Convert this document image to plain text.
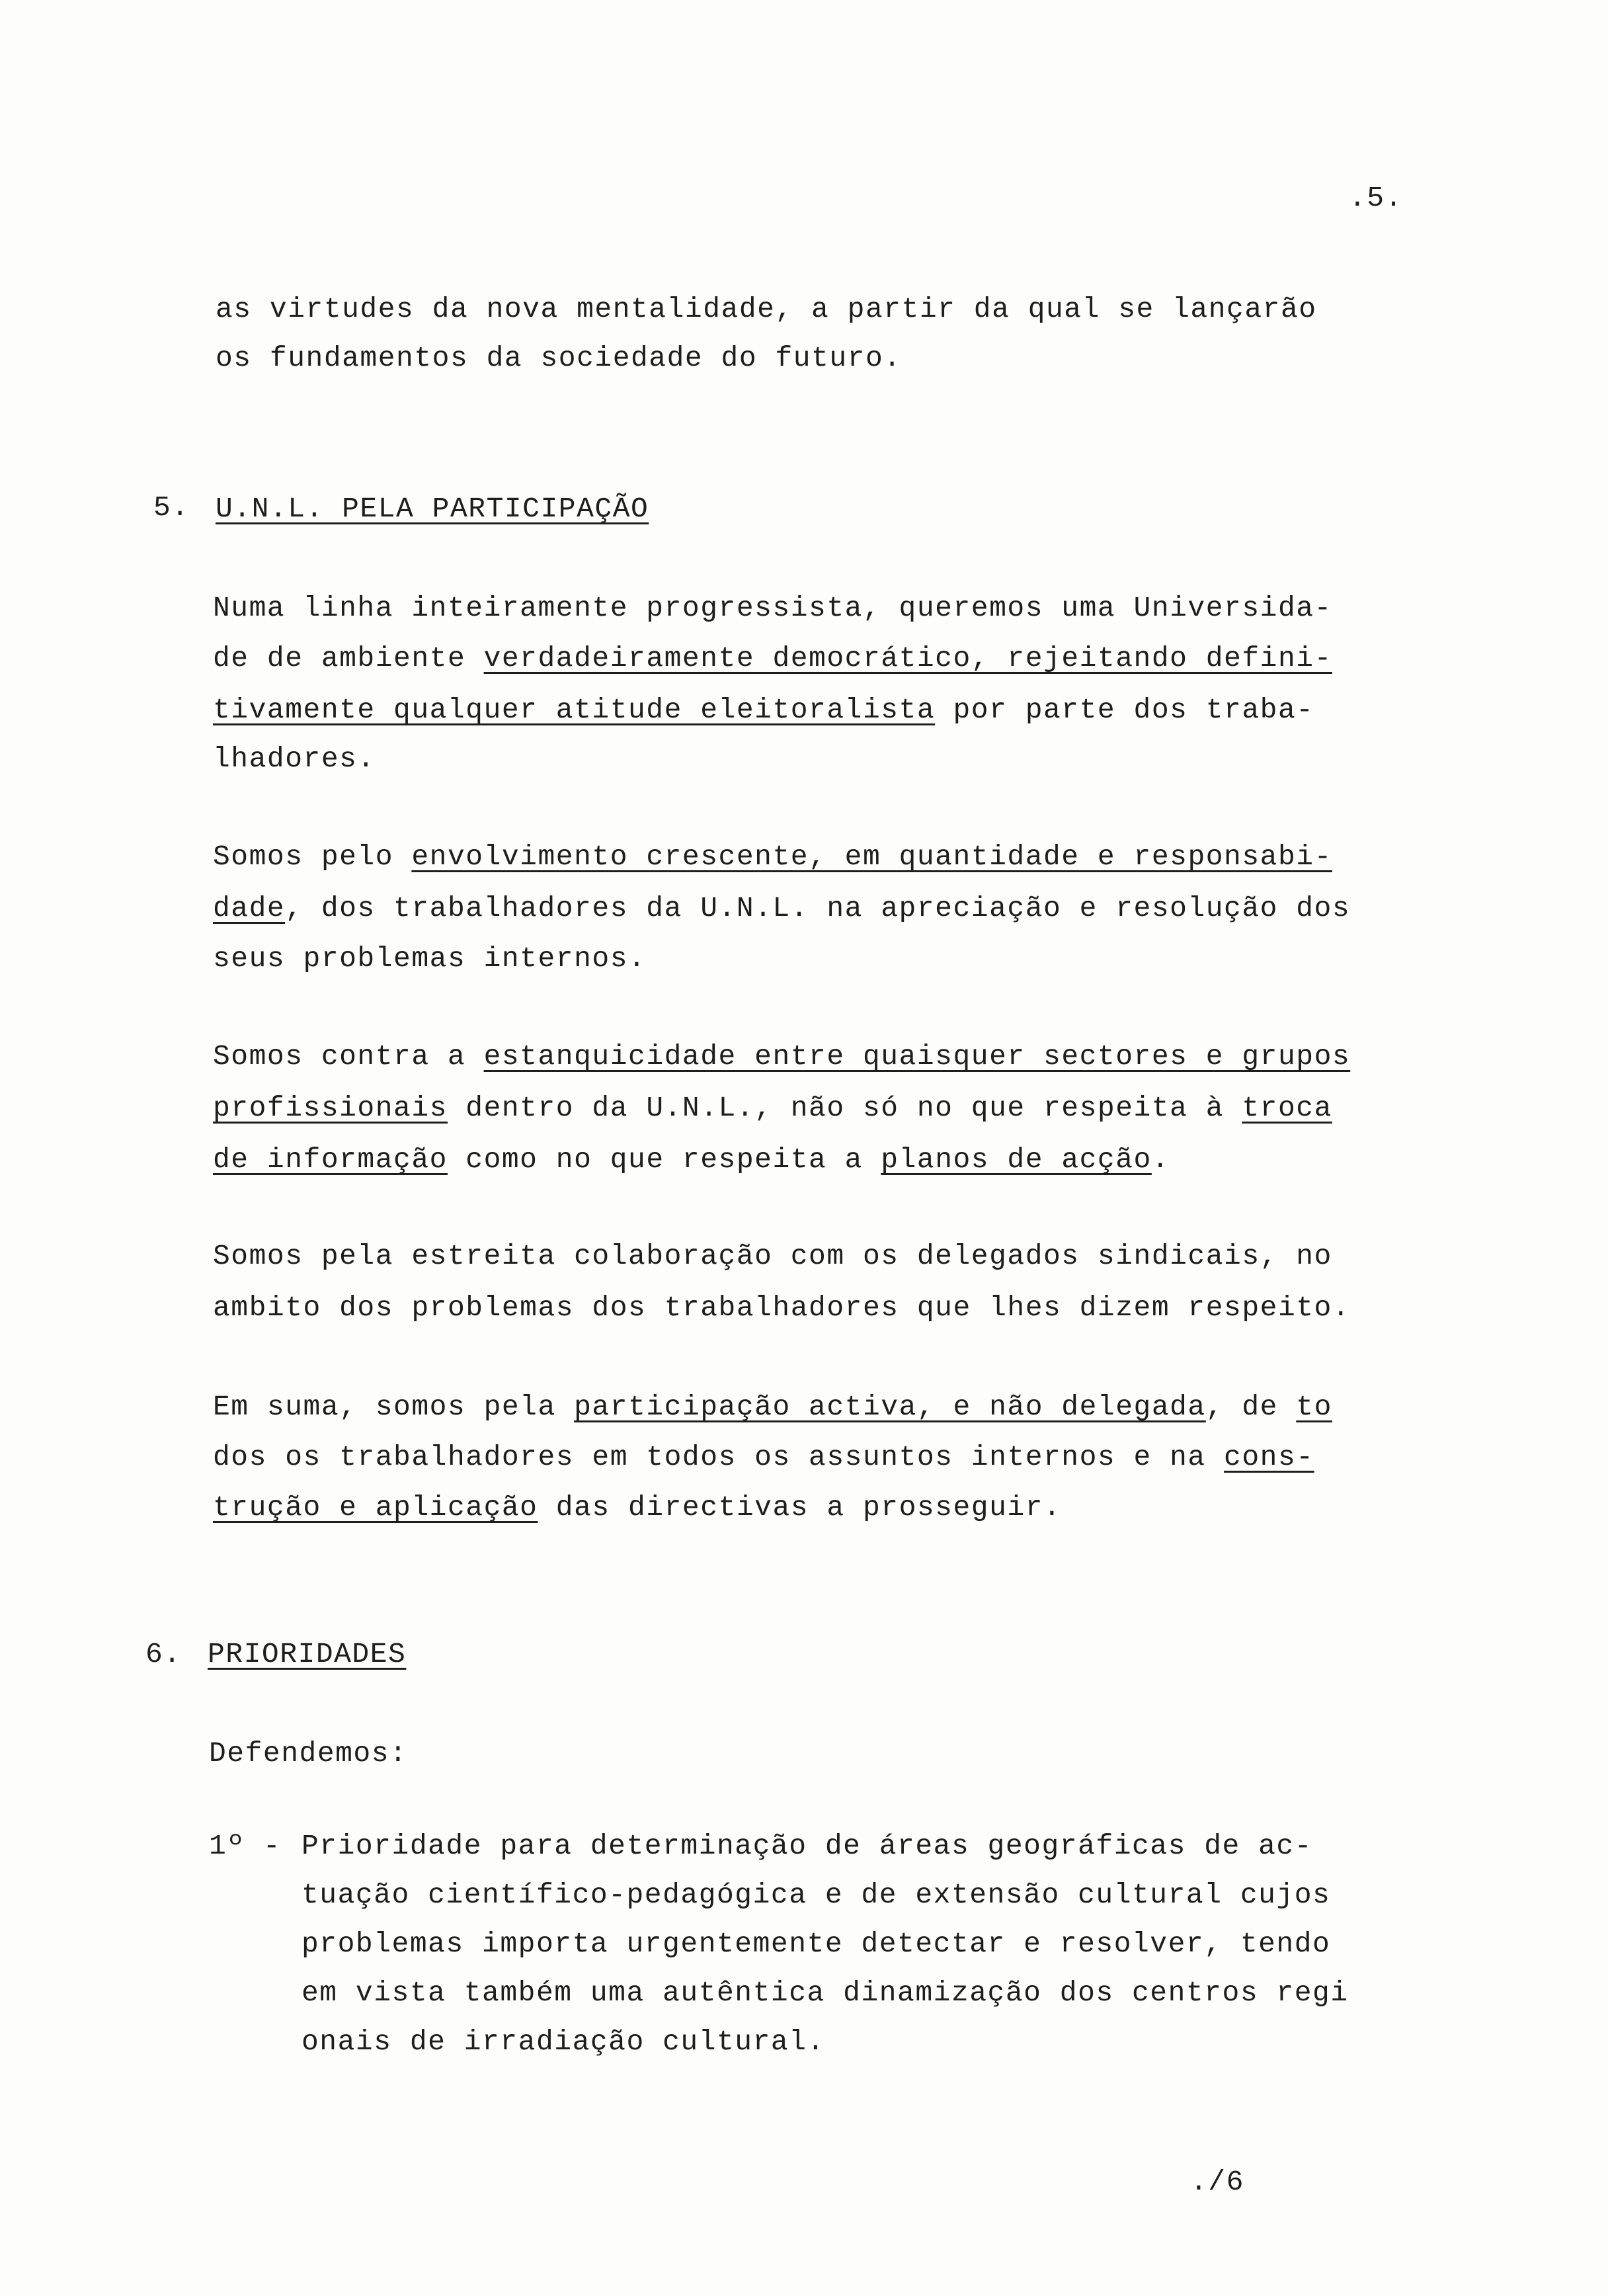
.5.
as virtudes da nova mentalidade, a partir da qual se lançarão
os fundamentos da sociedade do futuro.
5. U.N.L. PELA PARTICIPAÇÃO
Numa linha inteiramente progressista, queremos uma Universida-
de de ambiente verdadeiramente democrático, rejeitando defini-
tivamente qualquer atitude eleitoralista por parte dos traba-
lhadores.
Somos pelo envolvimento crescente, em quantidade e responsabi-
dade, dos trabalhadores da U.N.L. na apreciação e resolução dos
seus problemas internos.
Somos contra a estanquicidade entre quaisquer sectores e grupos
profissionais dentro da U.N.L., não só no que respeita à troca
de informação como no que respeita a planos de acção.
Somos pela estreita colaboração com os delegados sindicais, no
ambito dos problemas dos trabalhadores que lhes dizem respeito.
Em suma, somos pela participação activa, e não delegada, de to
dos os trabalhadores em todos os assuntos internos e na cons-
trução e aplicação das directivas a prosseguir.
6. PRIORIDADES
Defendemos:
1º - Prioridade para determinação de áreas geográficas de ac-
tuação científico-pedagógica e de extensão cultural cujos
problemas importa urgentemente detectar e resolver, tendo
em vista também uma autêntica dinamização dos centros regi
onais de irradiação cultural.
./6
